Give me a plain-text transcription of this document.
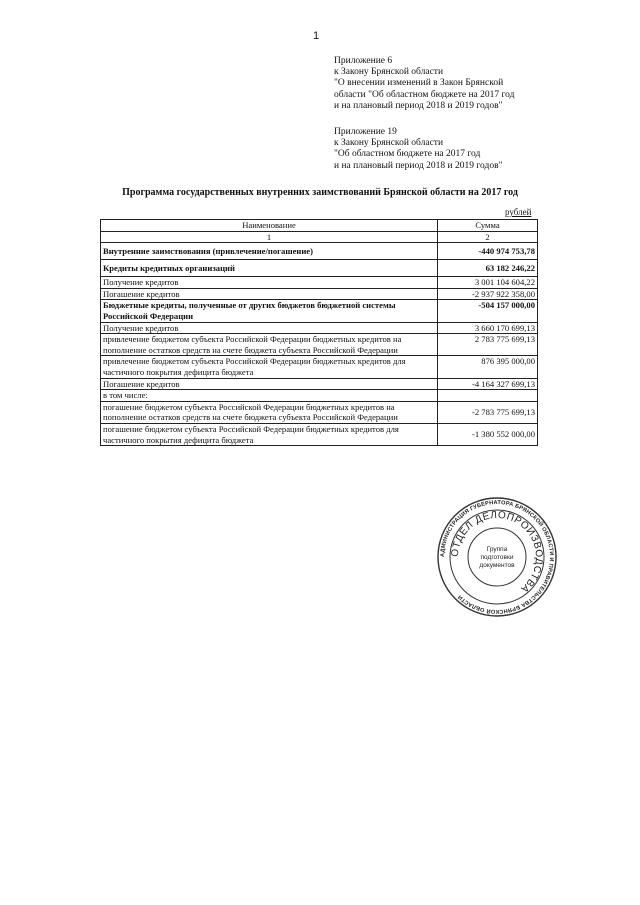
1
Приложение 6
к Закону Брянской области
"О внесении изменений в Закон Брянской
области "Об областном бюджете на 2017 год
и на плановый период 2018 и 2019 годов"
Приложение 19
к Закону Брянской области
"Об областном бюджете на 2017 год
и на плановый период 2018 и 2019 годов"
Программа государственных внутренних заимствований Брянской области на 2017 год
рублей
Наименование	Сумма
1	2
Внутренние заимствования (привлечение/погашение)	-440 974 753,78
Кредиты кредитных организаций	63 182 246,22
Получение кредитов	3 001 104 604,22
Погашение кредитов	-2 937 922 358,00
Бюджетные кредиты, полученные от других бюджетов бюджетной системы Российской Федерации	-504 157 000,00
Получение кредитов	3 660 170 699,13
привлечение бюджетом субъекта Российской Федерации бюджетных кредитов на пополнение остатков средств на счете бюджета субъекта Российской Федерации	2 783 775 699,13
привлечение бюджетом субъекта Российской Федерации бюджетных кредитов для частичного покрытия дефицита бюджета	876 395 000,00
Погашение кредитов	-4 164 327 699,13
в том числе:	
погашение бюджетом субъекта Российской Федерации бюджетных кредитов на пополнение остатков средств на счете бюджета субъекта Российской Федерации	-2 783 775 699,13
погашение бюджетом субъекта Российской Федерации бюджетных кредитов для частичного покрытия дефицита бюджета	-1 380 552 000,00
АДМИНИСТРАЦИЯ ГУБЕРНАТОРА БРЯНСКОЙ ОБЛАСТИ И ПРАВИТЕЛЬСТВА БРЯНСКОЙ ОБЛАСТИ
ОТДЕЛ ДЕЛОПРОИЗВОДСТВА
Группа
подготовки
документов
